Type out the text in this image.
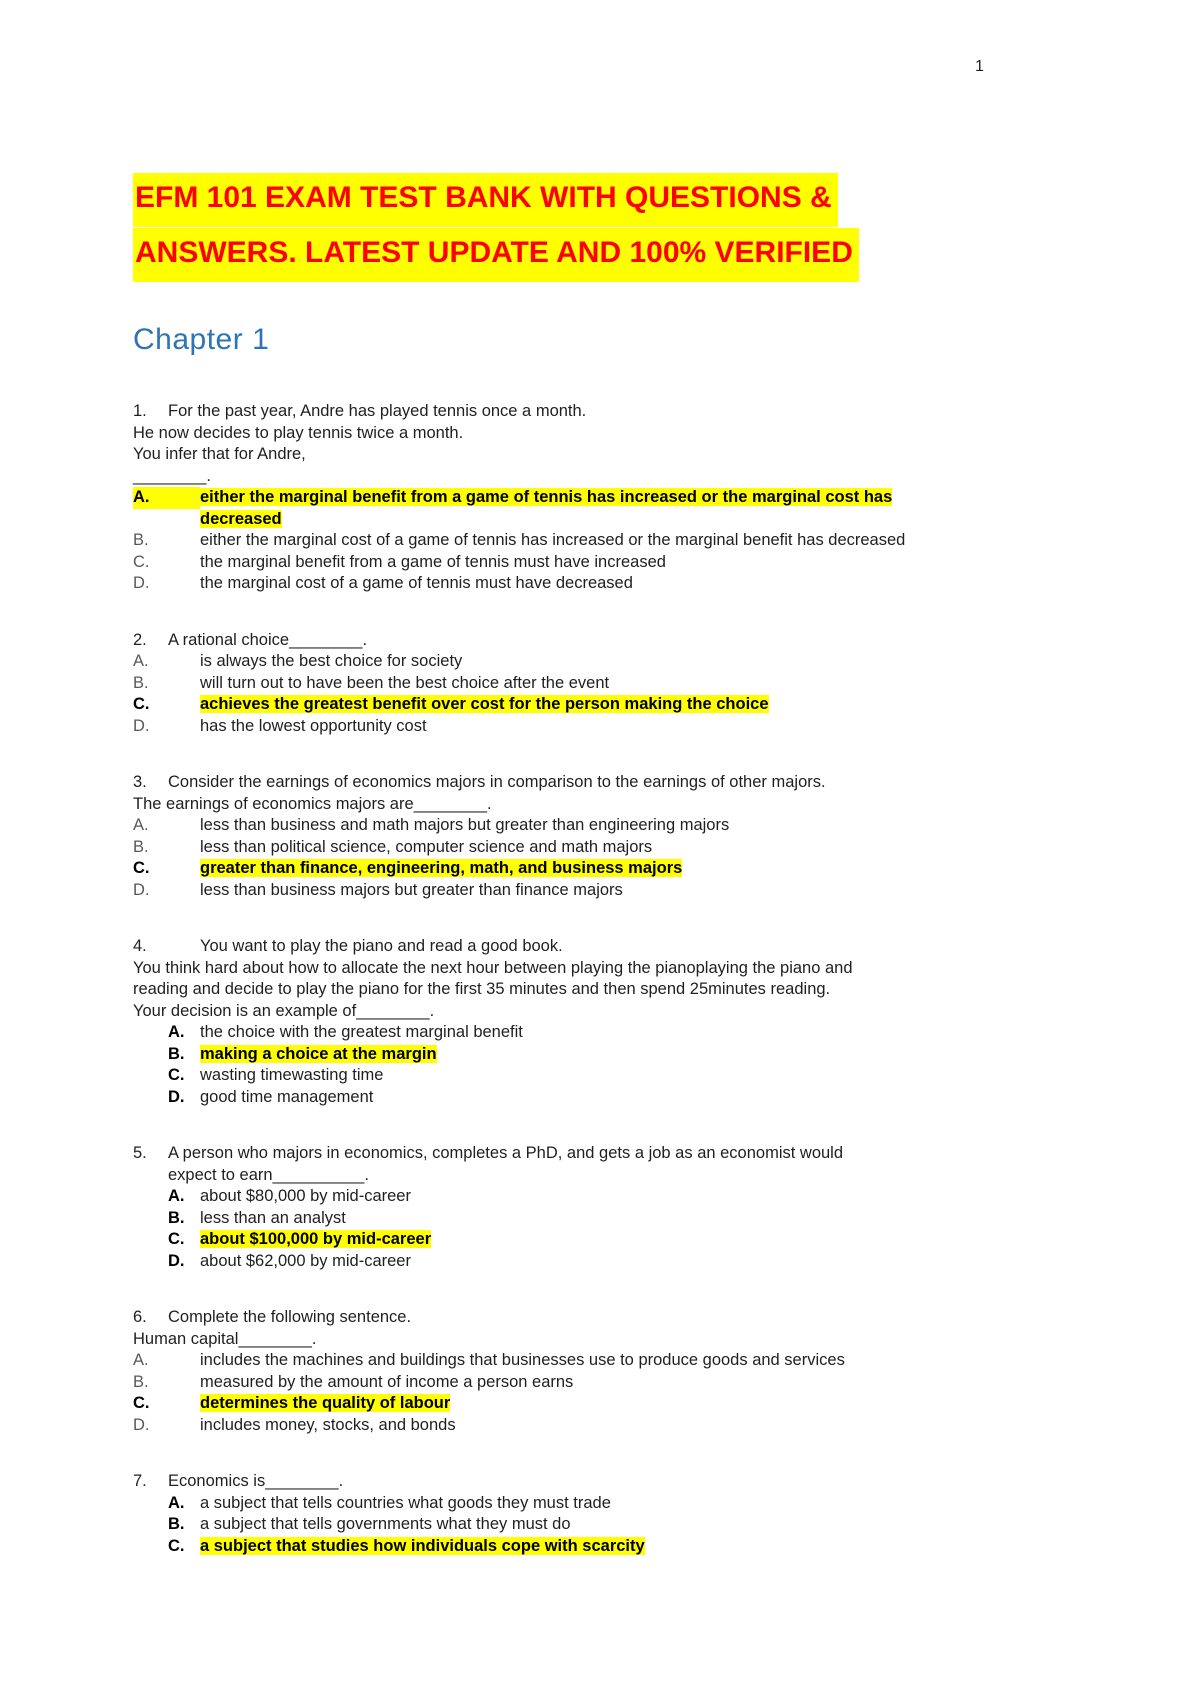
1
EFM 101 EXAM TEST BANK WITH QUESTIONS &
ANSWERS. LATEST UPDATE AND 100% VERIFIED
Chapter 1
1. For the past year, Andre has played tennis once a month.
He now decides to play tennis twice a month.
You infer that for Andre,
________.
A.	either the marginal benefit from a game of tennis has increased or the marginal cost has decreased
B.	either the marginal cost of a game of tennis has increased or the marginal benefit has decreased
C.	the marginal benefit from a game of tennis must have increased
D.	the marginal cost of a game of tennis must have decreased
2. A rational choice________.
A.	is always the best choice for society
B.	will turn out to have been the best choice after the event
C.	achieves the greatest benefit over cost for the person making the choice
D.	has the lowest opportunity cost
3. Consider the earnings of economics majors in comparison to the earnings of other majors.
The earnings of economics majors are________.
A.	less than business and math majors but greater than engineering majors
B.	less than political science, computer science and math majors
C.	greater than finance, engineering, math, and business majors
D.	less than business majors but greater than finance majors
4.	You want to play the piano and read a good book.
You think hard about how to allocate the next hour between playing the pianoplaying the piano and
reading and decide to play the piano for the first 35 minutes and then spend 25minutes reading.
Your decision is an example of________.
A. the choice with the greatest marginal benefit
B. making a choice at the margin
C. wasting timewasting time
D. good time management
5. A person who majors in economics, completes a PhD, and gets a job as an economist would
expect to earn__________.
A. about $80,000 by mid-career
B. less than an analyst
C. about $100,000 by mid-career
D. about $62,000 by mid-career
6. Complete the following sentence.
Human capital________.
A.	includes the machines and buildings that businesses use to produce goods and services
B.	measured by the amount of income a person earns
C.	determines the quality of labour
D.	includes money, stocks, and bonds
7. Economics is________.
A. a subject that tells countries what goods they must trade
B. a subject that tells governments what they must do
C. a subject that studies how individuals cope with scarcity
